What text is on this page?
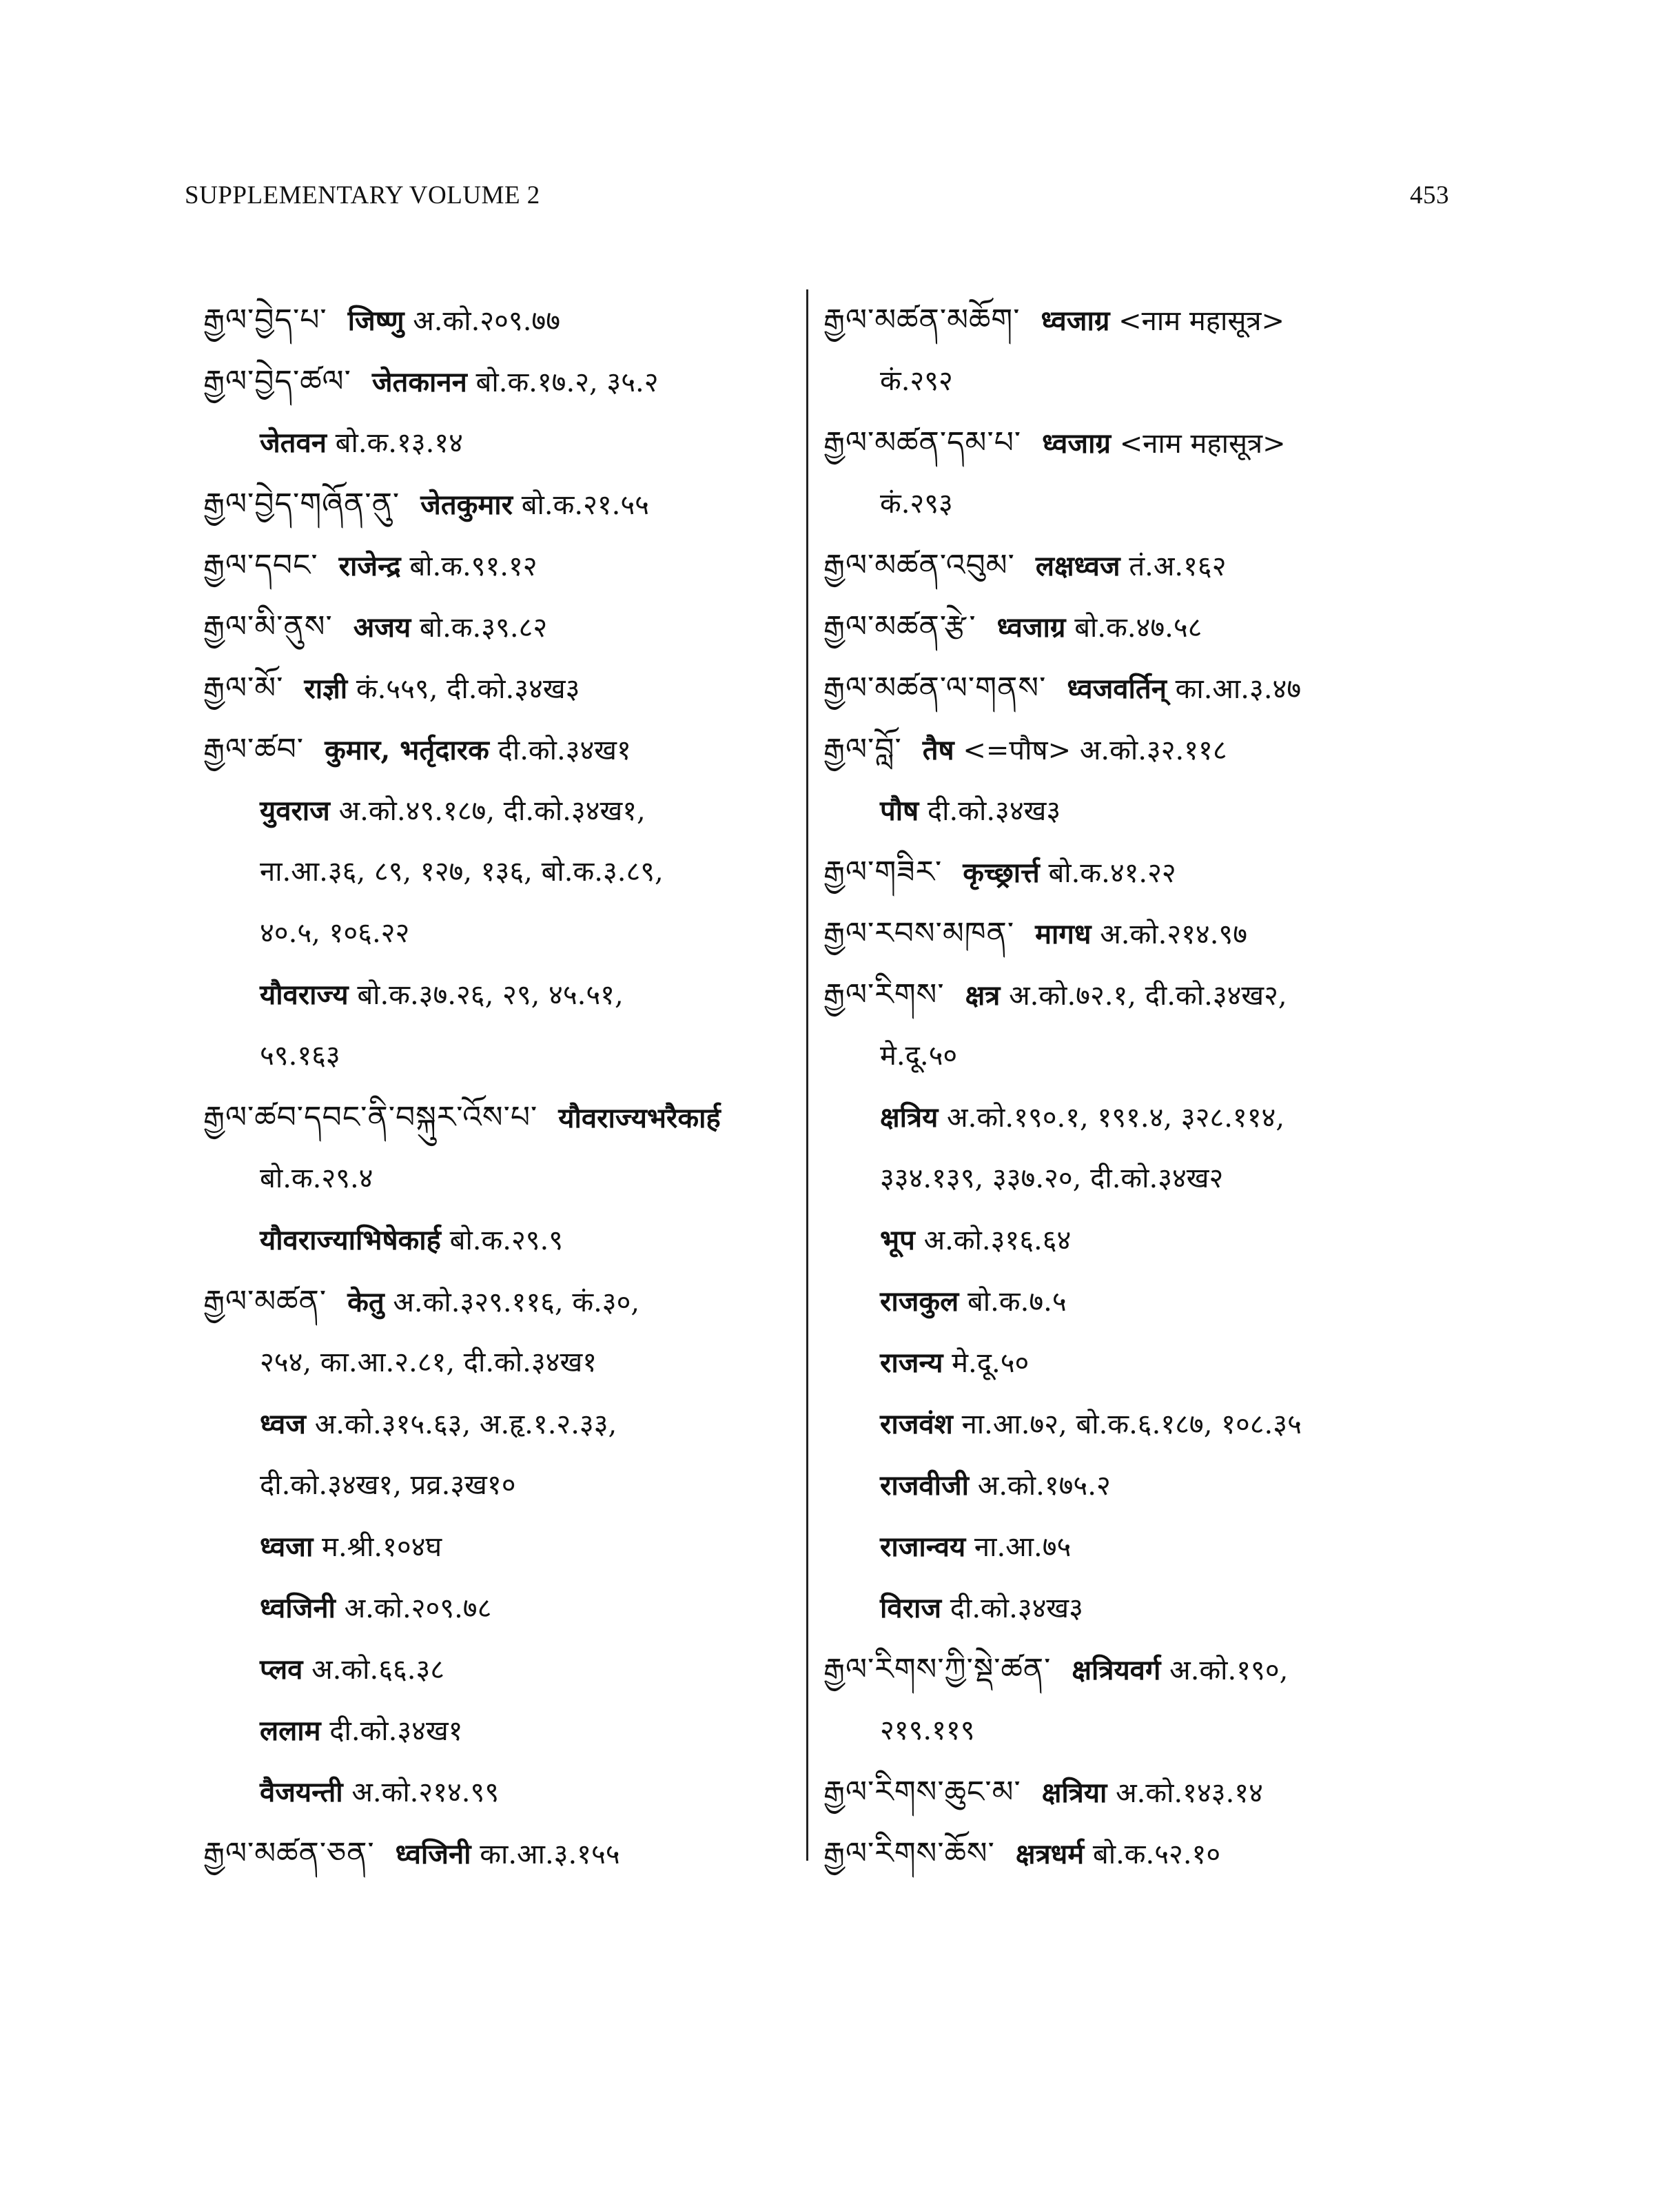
SUPPLEMENTARY VOLUME 2	453
རྒྱལ་བྱེད་པ་ जिष्णु अ.को.२०९.७७
རྒྱལ་བྱེད་ཚལ་ जेतकानन बो.क.१७.२, ३५.२
जेतवन बो.क.१३.१४
རྒྱལ་བྱེད་གཞོན་ནུ་ जेतकुमार बो.क.२१.५५
རྒྱལ་དབང་ राजेन्द्र बो.क.९१.१२
རྒྱལ་མི་ནུས་ अजय बो.क.३९.८२
རྒྱལ་མོ་ राज्ञी कं.५५९, दी.को.३४ख३
རྒྱལ་ཚབ་ कुमार, भर्तृदारक दी.को.३४ख१
युवराज अ.को.४९.१८७, दी.को.३४ख१,
ना.आ.३६, ८९, १२७, १३६, बो.क.३.८९,
४०.५, १०६.२२
यौवराज्य बो.क.३७.२६, २९, ४५.५१,
५९.१६३
རྒྱལ་ཚབ་དབང་ནི་བསྐུར་འོས་པ་ यौवराज्यभरैकार्ह
बो.क.२९.४
यौवराज्याभिषेकार्ह बो.क.२९.९
རྒྱལ་མཚན་ केतु अ.को.३२९.११६, कं.३०,
२५४, का.आ.२.८१, दी.को.३४ख१
ध्वज अ.को.३१५.६३, अ.हृ.१.२.३३,
दी.को.३४ख१, प्रव्र.३ख१०
ध्वजा म.श्री.१०४घ
ध्वजिनी अ.को.२०९.७८
प्लव अ.को.६६.३८
ललाम दी.को.३४ख१
वैजयन्ती अ.को.२१४.९९
རྒྱལ་མཚན་ཅན་ ध्वजिनी का.आ.३.१५५
རྒྱལ་མཚན་མཆོག་ ध्वजाग्र <नाम महासूत्र>
कं.२९२
རྒྱལ་མཚན་དམ་པ་ ध्वजाग्र <नाम महासूत्र>
कं.२९३
རྒྱལ་མཚན་འབུམ་ लक्षध्वज तं.अ.१६२
རྒྱལ་མཚན་རྩེ་ ध्वजाग्र बो.क.४७.५८
རྒྱལ་མཚན་ལ་གནས་ ध्वजवर्तिन् का.आ.३.४७
རྒྱལ་བློ་ तैष <=पौष> अ.को.३२.११८
पौष दी.को.३४ख३
རྒྱལ་གཟིར་ कृच्छ्रार्त्त बो.क.४१.२२
རྒྱལ་རབས་མཁན་ मागध अ.को.२१४.९७
རྒྱལ་རིགས་ क्षत्र अ.को.७२.१, दी.को.३४ख२,
मे.दू.५०
क्षत्रिय अ.को.१९०.१, १९१.४, ३२८.११४,
३३४.१३९, ३३७.२०, दी.को.३४ख२
भूप अ.को.३१६.६४
राजकुल बो.क.७.५
राजन्य मे.दू.५०
राजवंश ना.आ.७२, बो.क.६.१८७, १०८.३५
राजवीजी अ.को.१७५.२
राजान्वय ना.आ.७५
विराज दी.को.३४ख३
རྒྱལ་རིགས་ཀྱི་སྡེ་ཚན་ क्षत्रियवर्ग अ.को.१९०,
२१९.११९
རྒྱལ་རིགས་ཆུང་མ་ क्षत्रिया अ.को.१४३.१४
རྒྱལ་རིགས་ཆོས་ क्षत्रधर्म बो.क.५२.१०
